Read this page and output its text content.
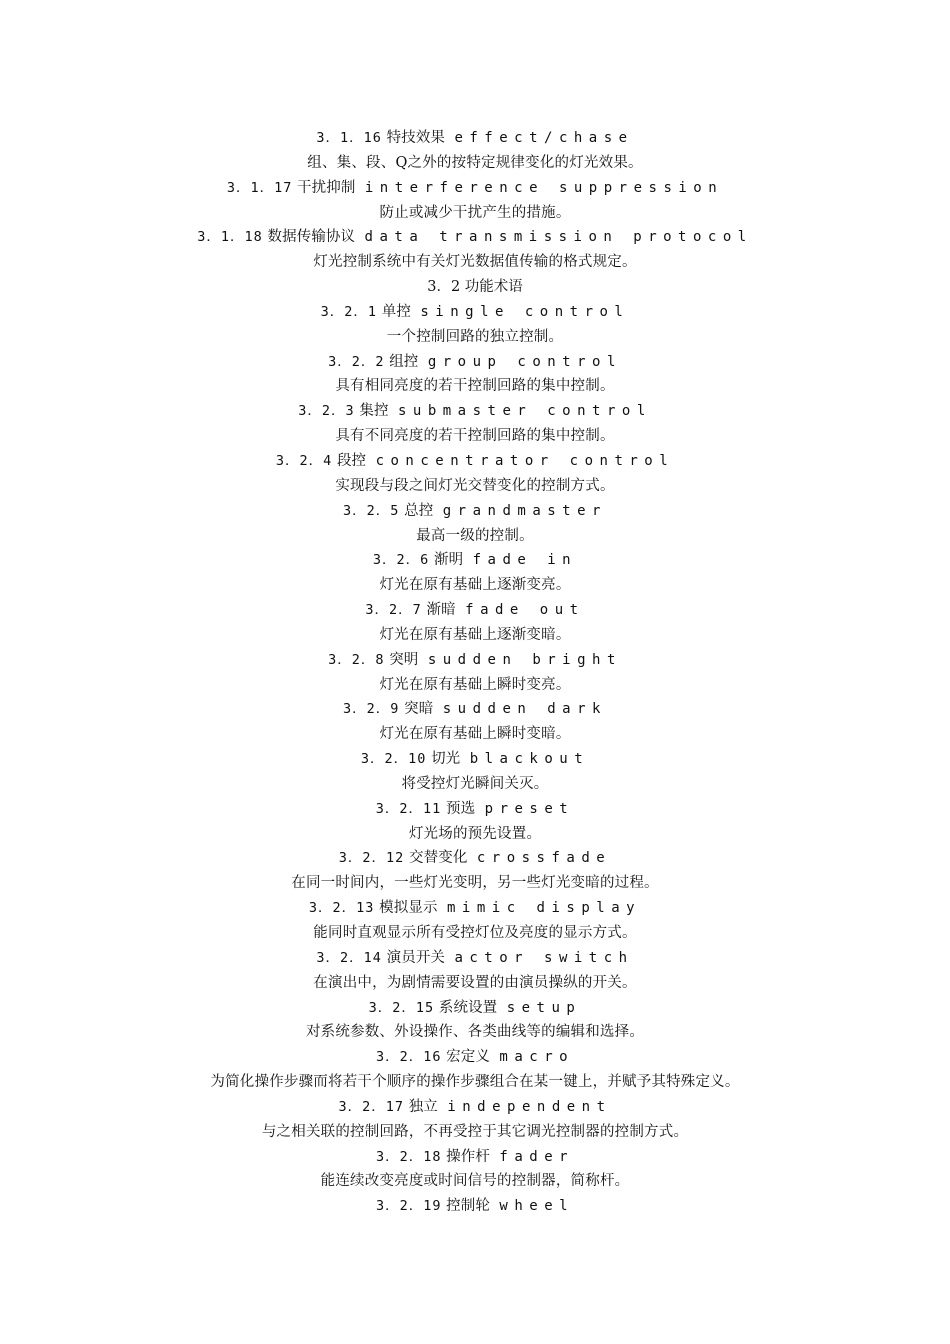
3．1．16 特技效果 effect/chase
组、集、段、Q之外的按特定规律变化的灯光效果。
3．1．17 干扰抑制 interference suppression
防止或减少干扰产生的措施。
3．1．18 数据传输协议 data transmission protocol
灯光控制系统中有关灯光数据值传输的格式规定。
3．2 功能术语
3．2．1 单控 single control
一个控制回路的独立控制。
3．2．2 组控 group control
具有相同亮度的若干控制回路的集中控制。
3．2．3 集控 submaster control
具有不同亮度的若干控制回路的集中控制。
3．2．4 段控 concentrator control
实现段与段之间灯光交替变化的控制方式。
3．2．5 总控 grandmaster
最高一级的控制。
3．2．6 渐明 fade in
灯光在原有基础上逐渐变亮。
3．2．7 渐暗 fade out
灯光在原有基础上逐渐变暗。
3．2．8 突明 sudden bright
灯光在原有基础上瞬时变亮。
3．2．9 突暗 sudden dark
灯光在原有基础上瞬时变暗。
3．2．10 切光 blackout
将受控灯光瞬间关灭。
3．2．11 预选 preset
灯光场的预先设置。
3．2．12 交替变化 crossfade
在同一时间内，一些灯光变明，另一些灯光变暗的过程。
3．2．13 模拟显示 mimic display
能同时直观显示所有受控灯位及亮度的显示方式。
3．2．14 演员开关 actor switch
在演出中，为剧情需要设置的由演员操纵的开关。
3．2．15 系统设置 setup
对系统参数、外设操作、各类曲线等的编辑和选择。
3．2．16 宏定义 macro
为简化操作步骤而将若干个顺序的操作步骤组合在某一键上，并赋予其特殊定义。
3．2．17 独立 independent
与之相关联的控制回路，不再受控于其它调光控制器的控制方式。
3．2．18 操作杆 fader
能连续改变亮度或时间信号的控制器，简称杆。
3．2．19 控制轮 wheel
